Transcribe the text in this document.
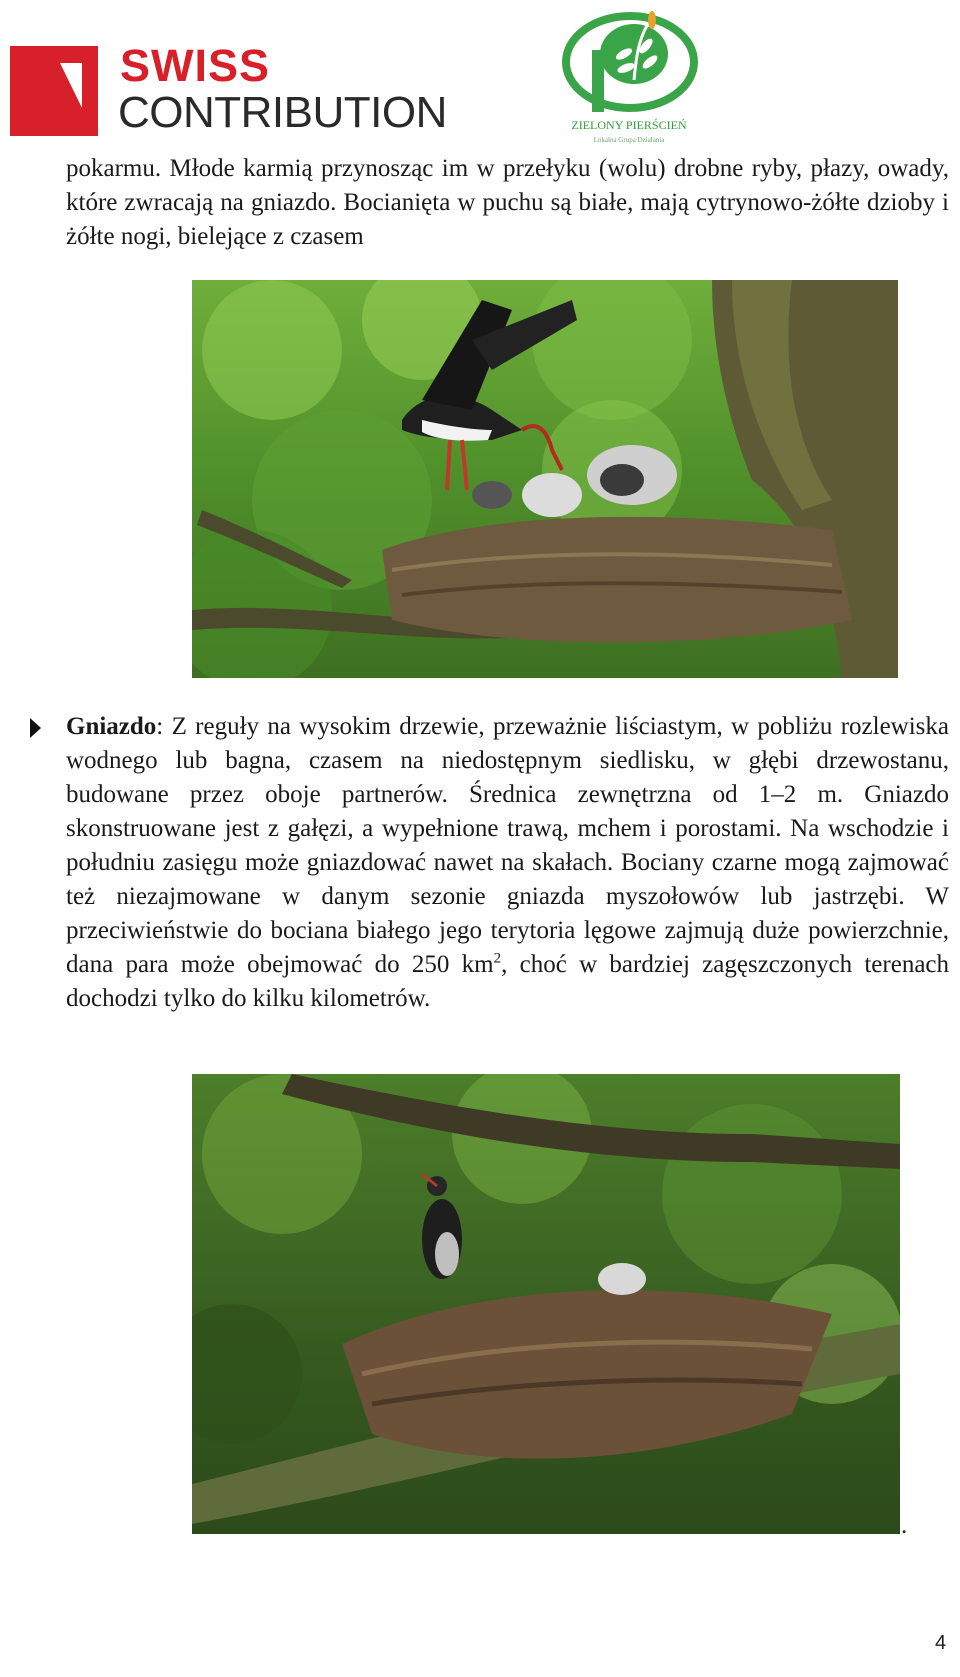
SWISS
CONTRIBUTION	ZIELONY PIERŚCIEŃ
Lokalna Grupa Działania

pokarmu. Młode karmią przynosząc im w przełyku (wolu) drobne ryby, płazy, owady, które zwracają na gniazdo. Bocianięta w puchu są białe, mają cytrynowo-żółte dzioby i żółte nogi, bielejące z czasem

Gniazdo: Z reguły na wysokim drzewie, przeważnie liściastym, w pobliżu rozlewiska wodnego lub bagna, czasem na niedostępnym siedlisku, w głębi drzewostanu, budowane przez oboje partnerów. Średnica zewnętrzna od 1–2 m. Gniazdo skonstruowane jest z gałęzi, a wypełnione trawą, mchem i porostami. Na wschodzie i południu zasięgu może gniazdować nawet na skałach. Bociany czarne mogą zajmować też niezajmowane w danym sezonie gniazda myszołowów lub jastrzębi. W przeciwieństwie do bociana białego jego terytoria lęgowe zajmują duże powierzchnie, dana para może obejmować do 250 $km^2$, choć w bardziej zagęszczonych terenach dochodzi tylko do kilku kilometrów.

.
4
